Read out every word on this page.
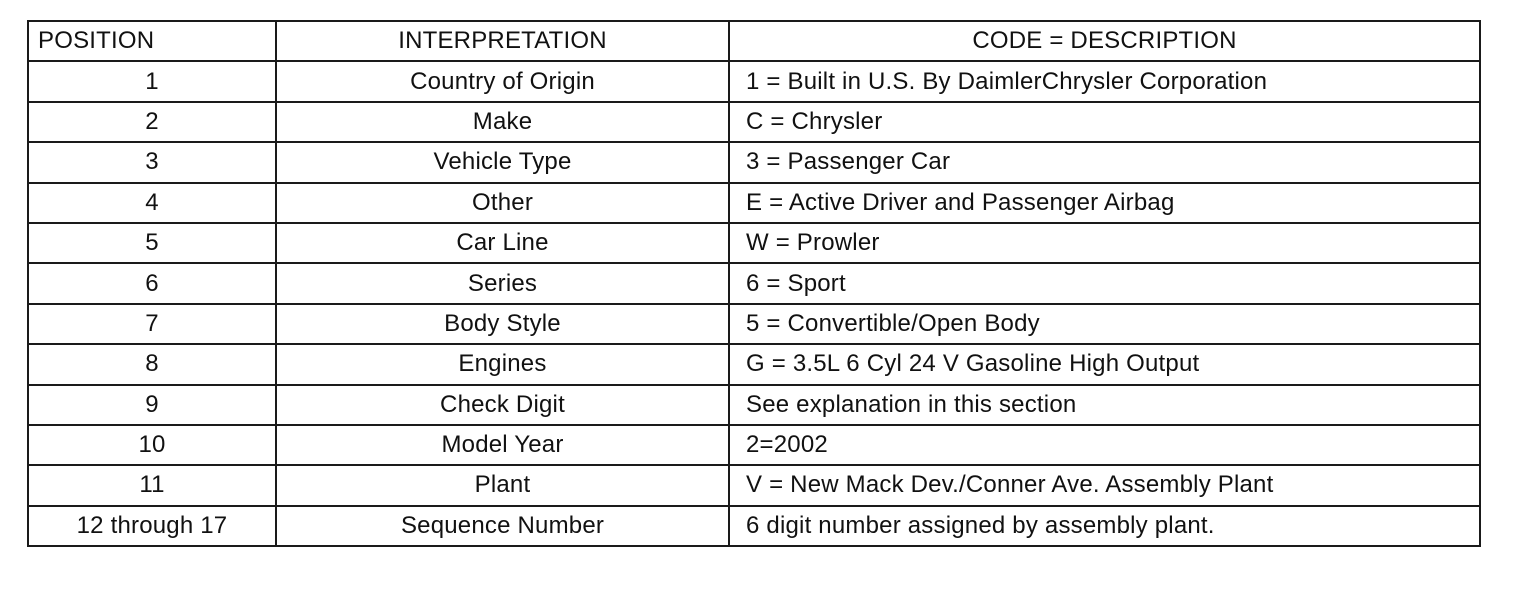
POSITION	INTERPRETATION	CODE = DESCRIPTION
1	Country of Origin	1 = Built in U.S. By DaimlerChrysler Corporation
2	Make	C = Chrysler
3	Vehicle Type	3 = Passenger Car
4	Other	E = Active Driver and Passenger Airbag
5	Car Line	W = Prowler
6	Series	6 = Sport
7	Body Style	5 = Convertible/Open Body
8	Engines	G = 3.5L 6 Cyl 24 V Gasoline High Output
9	Check Digit	See explanation in this section
10	Model Year	2=2002
11	Plant	V = New Mack Dev./Conner Ave. Assembly Plant
12 through 17	Sequence Number	6 digit number assigned by assembly plant.
